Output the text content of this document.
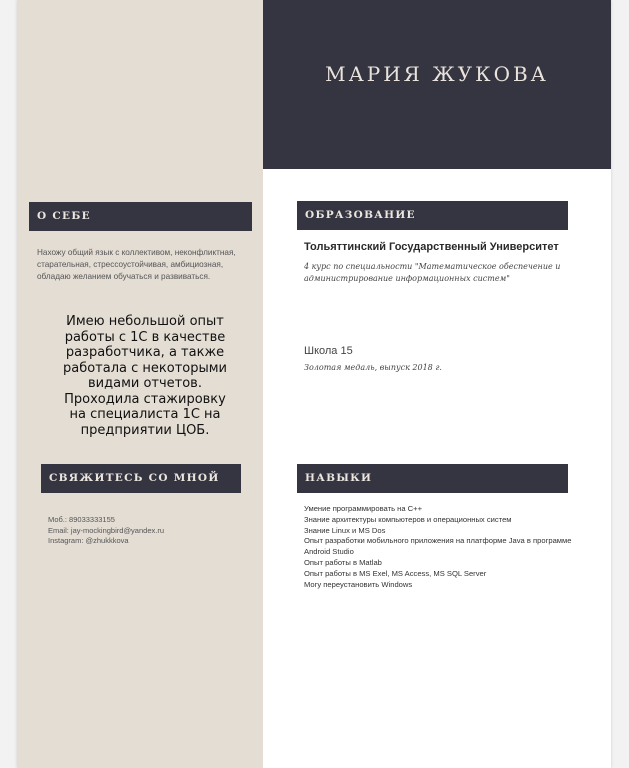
МАРИЯ ЖУКОВА
О СЕБЕ
Нахожу общий язык с коллективом, неконфликтная, старательная, стрессоустойчивая, амбициозная, обладаю желанием обучаться и развиваться.
Имею небольшой опыт
работы с 1С в качестве
разработчика, а также
работала с некоторыми
видами отчетов.
Проходила стажировку
на специалиста 1С на
предприятии ЦОБ.
СВЯЖИТЕСЬ СО МНОЙ
Моб.: 89033333155
Email: jay-mockingbird@yandex.ru
Instagram: @zhukkkova
ОБРАЗОВАНИЕ
Тольяттинский Государственный Университет
4 курс по специальности "Математическое обеспечение и администрирование информационных систем"
Школа 15
Золотая медаль, выпуск 2018 г.
НАВЫКИ
Умение программировать на С++
Знание архитектуры компьютеров и операционных систем
Знание Linux и MS Dos
Опыт разработки мобильного приложения на платформе Java в программе Android Studio
Опыт работы в Matlab
Опыт работы в MS Exel, MS Access, MS SQL Server
Могу переустановить Windows
